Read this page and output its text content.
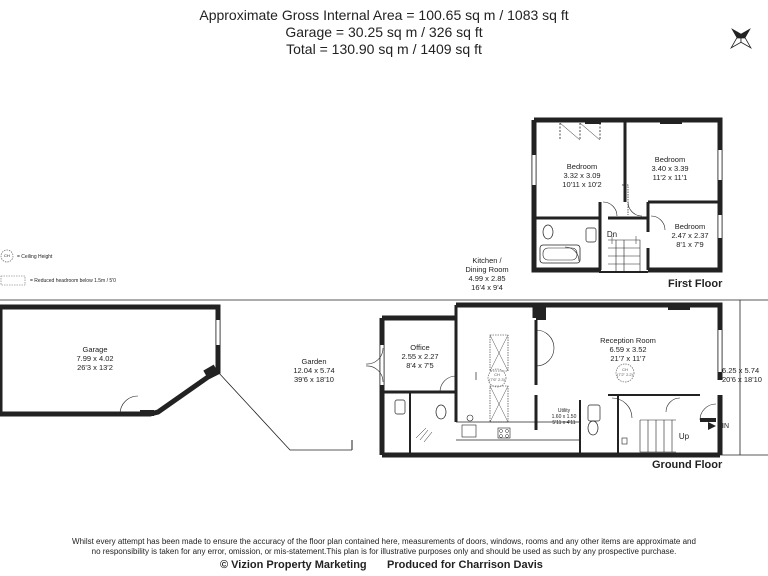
Approximate Gross Internal Area = 100.65 sq m / 1083 sq ft
Garage = 30.25 sq m / 326 sq ft
Total = 130.90 sq m / 1409 sq ft
CH = Ceiling Height
= Reduced headroom below 1.5m / 5'0
Bedroom
3.32 x 3.09
10'11 x 10'2
Bedroom
3.40 x 3.39
11'2 x 11'1
Bedroom
2.47 x 2.37
8'1 x 7'9
Dn
First Floor
Garage
7.99 x 4.02
26'3 x 13'2
Garden
12.04 x 5.74
39'6 x 18'10
Office
2.55 x 2.27
8'4 x 7'5
Kitchen /
Dining Room
4.99 x 2.85
16'4 x 9'4
Reception Room
6.59 x 3.52
21'7 x 11'7
6.25 x 5.74
20'6 x 18'10
Utility
1.60 x 1.50
5'11 x 4'11
CH
(7'6" 2.3)
CH
(7'2" 2.2)
Up
IN
Ground Floor
Whilst every attempt has been made to ensure the accuracy of the floor plan contained here, measurements of doors, windows, rooms and any other items are approximate and
no responsibility is taken for any error, omission, or mis-statement.This plan is for illustrative purposes only and should be used as such by any prospective purchase.
© Vizion Property Marketing Produced for Charrison Davis
